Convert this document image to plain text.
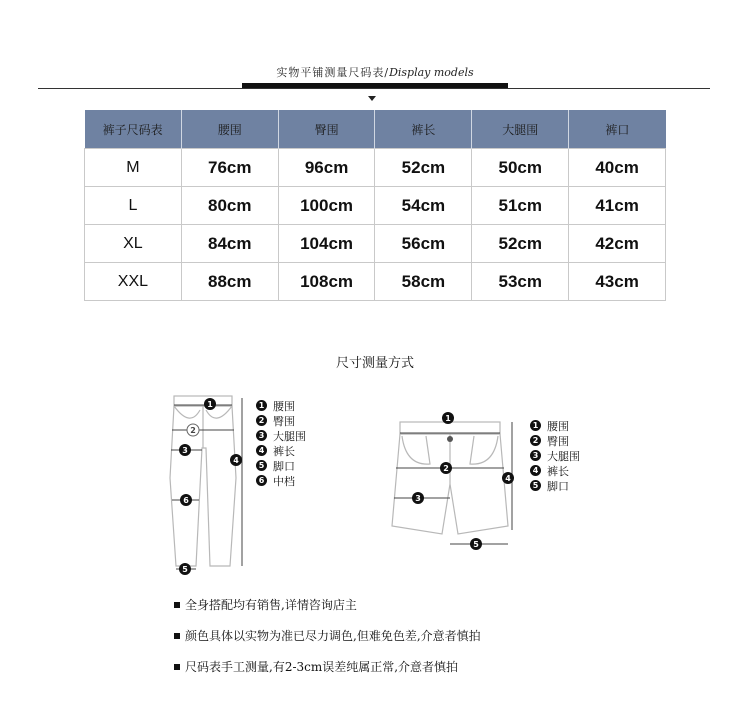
实物平铺测量尺码表/Display models
裤子尺码表	腰围	臀围	裤长	大腿围	裤口
M	76cm	96cm	52cm	50cm	40cm
L	80cm	100cm	54cm	51cm	41cm
XL	84cm	104cm	56cm	52cm	42cm
XXL	88cm	108cm	58cm	53cm	43cm
尺寸测量方式
1
2
3
4
6
5
1 腰围
2 臀围
3 大腿围
4 裤长
5 脚口
6 中档
1
2
3
4
5
1 腰围
2 臀围
3 大腿围
4 裤长
5 脚口
全身搭配均有销售,详情咨询店主
颜色具体以实物为准已尽力调色,但难免色差,介意者慎拍
尺码表手工测量,有2-3cm误差纯属正常,介意者慎拍
